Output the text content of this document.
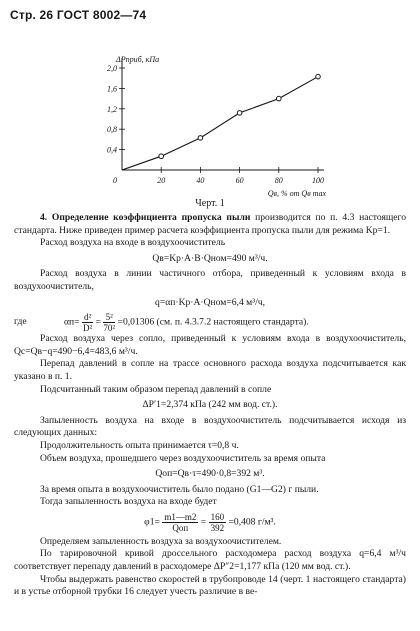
Стр. 26 ГОСТ 8002—74
0,4
0,8
1,2
1,6
2,0
20	40	60	80	100
0
ΔPприб, кПа
Qв, % от Qв max
Черт. 1

4. Определение коэффициента пропуска пыли производится по п. 4.3 настоящего стандарта. Ниже приведен пример расчета коэффициента пропуска пыли для режима Kр=1.

Расход воздуха на входе в воздухоочиститель

Qв=Kр·A·B·Qном=490 м³/ч.

Расход воздуха в линии частичного отбора, приведенный к условиям входа в воздухоочиститель,

q=αп·Kр·A·Qном=6,4 м³/ч,

где	$\alpha п= \frac{\text{d²}}{\text{D²}} = \frac{\text{5²}}{\text{70²}} =0,01306$ (см. п. 4.3.7.2 настоящего стандарта).

Расход воздуха через сопло, приведенный к условиям входа в воздухоочиститель, Qс=Qв−q=490−6,4=483,6 м³/ч.

Перепад давлений в сопле на трассе основного расхода воздуха подсчитывается как указано в п. 1.

Подсчитанный таким образом перепад давлений в сопле

ΔP′1=2,374 кПа (242 мм вод. ст.).

Запыленность воздуха на входе в воздухоочиститель подсчитывается исходя из следующих данных:

Продолжительность опыта принимается τ=0,8 ч.

Объем воздуха, прошедшего через воздухоочиститель за время опыта

Qоп=Qв·τ=490·0,8=392 м³.

За время опыта в воздухоочиститель было подано (G1—G2) г пыли.

Тогда запыленность воздуха на входе будет

φ1= m1—m2
Qоп
= $\frac{160}{392} =0,408$ г/м³.

Определяем запыленность воздуха за воздухоочистителем.

По тарировочной кривой дроссельного расходомера расход воздуха q=6,4 м³/ч соответствует перепаду давлений в расходомере ΔP″2=1,177 кПа (120 мм вод. ст.).

Чтобы выдержать равенство скоростей в трубопроводе 14 (черт. 1 настоящего стандарта) и в устье отборной трубки 16 следует учесть различие в ве-
